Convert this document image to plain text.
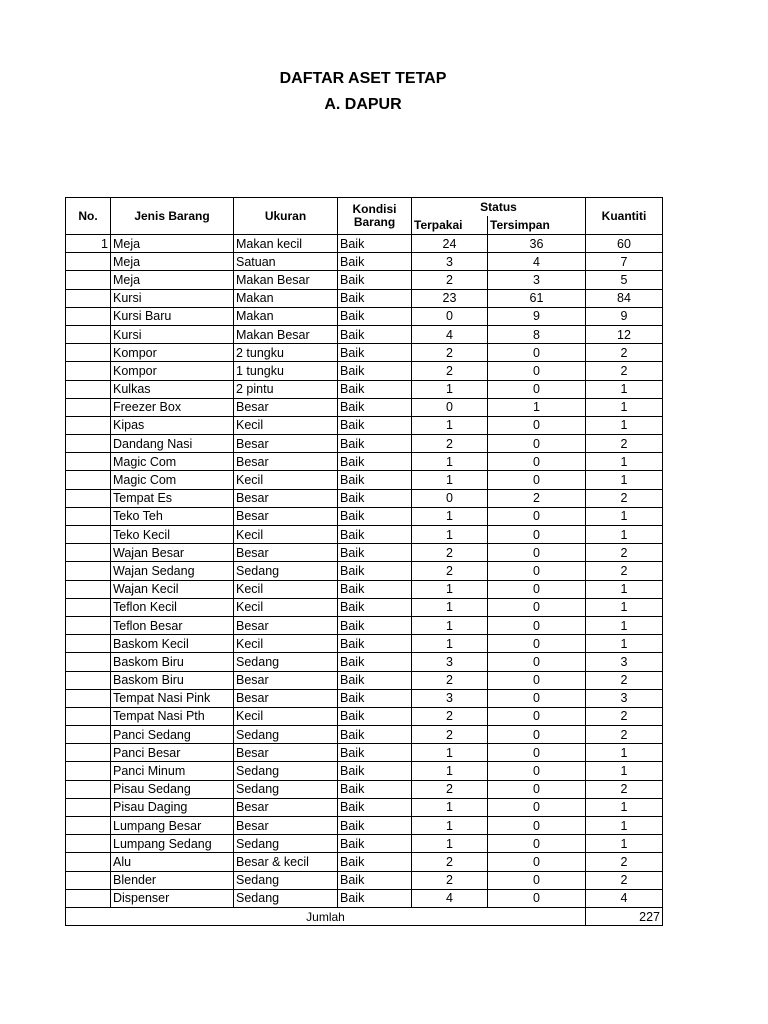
DAFTAR ASET TETAP
A. DAPUR
No.	Jenis Barang	Ukuran	Kondisi Barang	Status		Kuantiti
				Terpakai	Tersimpan	
1	Meja	Makan kecil	Baik	24	36	60
	Meja	Satuan	Baik	3	4	7
	Meja	Makan Besar	Baik	2	3	5
	Kursi	Makan	Baik	23	61	84
	Kursi Baru	Makan	Baik	0	9	9
	Kursi	Makan Besar	Baik	4	8	12
	Kompor	2 tungku	Baik	2	0	2
	Kompor	1 tungku	Baik	2	0	2
	Kulkas	2 pintu	Baik	1	0	1
	Freezer Box	Besar	Baik	0	1	1
	Kipas	Kecil	Baik	1	0	1
	Dandang Nasi	Besar	Baik	2	0	2
	Magic Com	Besar	Baik	1	0	1
	Magic Com	Kecil	Baik	1	0	1
	Tempat Es	Besar	Baik	0	2	2
	Teko Teh	Besar	Baik	1	0	1
	Teko Kecil	Kecil	Baik	1	0	1
	Wajan Besar	Besar	Baik	2	0	2
	Wajan Sedang	Sedang	Baik	2	0	2
	Wajan Kecil	Kecil	Baik	1	0	1
	Teflon Kecil	Kecil	Baik	1	0	1
	Teflon Besar	Besar	Baik	1	0	1
	Baskom Kecil	Kecil	Baik	1	0	1
	Baskom Biru	Sedang	Baik	3	0	3
	Baskom Biru	Besar	Baik	2	0	2
	Tempat Nasi Pink	Besar	Baik	3	0	3
	Tempat Nasi Pth	Kecil	Baik	2	0	2
	Panci Sedang	Sedang	Baik	2	0	2
	Panci Besar	Besar	Baik	1	0	1
	Panci Minum	Sedang	Baik	1	0	1
	Pisau Sedang	Sedang	Baik	2	0	2
	Pisau Daging	Besar	Baik	1	0	1
	Lumpang Besar	Besar	Baik	1	0	1
	Lumpang Sedang	Sedang	Baik	1	0	1
	Alu	Besar & kecil	Baik	2	0	2
	Blender	Sedang	Baik	2	0	2
	Dispenser	Sedang	Baik	4	0	4
Jumlah						227
